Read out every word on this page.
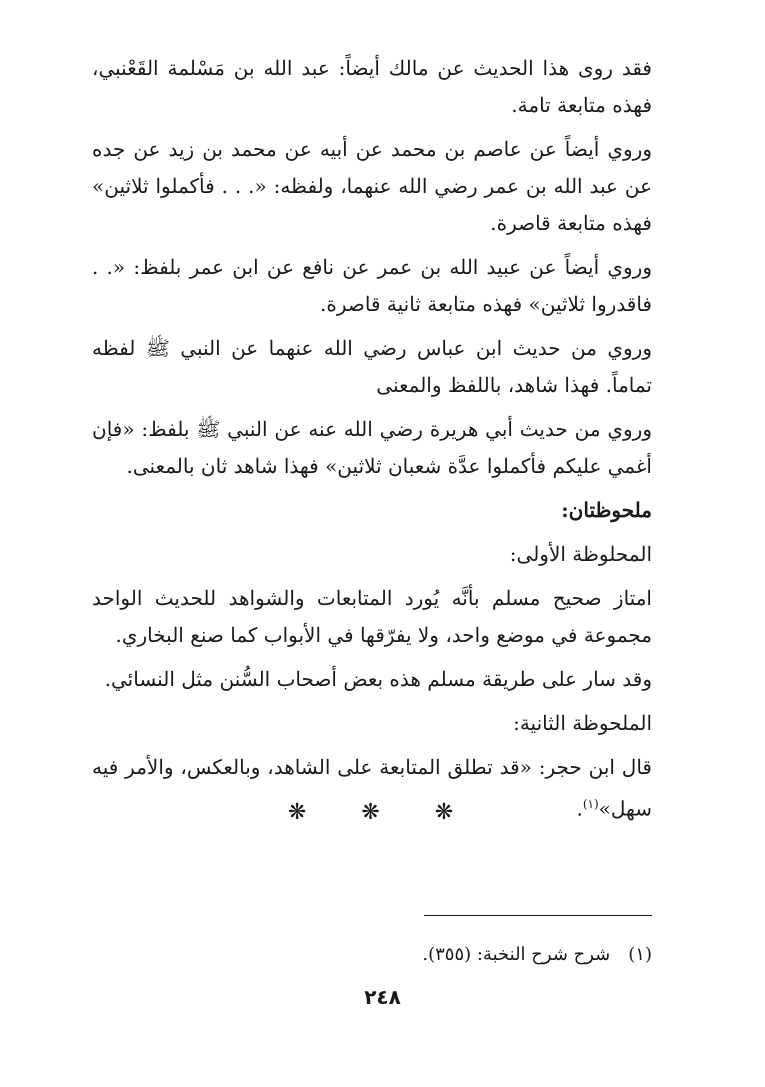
فقد روى هذا الحديث عن مالك أيضاً: عبد الله بن مَسْلمة القَعْنبي، فهذه متابعة تامة.

وروي أيضاً عن عاصم بن محمد عن أبيه عن محمد بن زيد عن جده عن عبد الله بن عمر رضي الله عنهما، ولفظه: «. . . فأكملوا ثلاثين» فهذه متابعة قاصرة.

وروي أيضاً عن عبيد الله بن عمر عن نافع عن ابن عمر بلفظ: «. . فاقدروا ثلاثين» فهذه متابعة ثانية قاصرة.

وروي من حديث ابن عباس رضي الله عنهما عن النبي ﷺ لفظه تماماً. فهذا شاهد، باللفظ والمعنى

وروي من حديث أبي هريرة رضي الله عنه عن النبي ﷺ بلفظ: «فإن أغمي عليكم فأكملوا عدَّة شعبان ثلاثين» فهذا شاهد ثان بالمعنى.

ملحوظتان:

المحلوظة الأولى:

امتاز صحيح مسلم بأنَّه يُورد المتابعات والشواهد للحديث الواحد مجموعة في موضع واحد، ولا يفرّقها في الأبواب كما صنع البخاري.

وقد سار على طريقة مسلم هذه بعض أصحاب السُّنن مثل النسائي.

الملحوظة الثانية:

قال ابن حجر: «قد تطلق المتابعة على الشاهد، وبالعكس، والأمر فيه سهل»$^{(١)}$.

❋ ❋ ❋
(١)شرح شرح النخبة: (٣٥٥).
٢٤٨
